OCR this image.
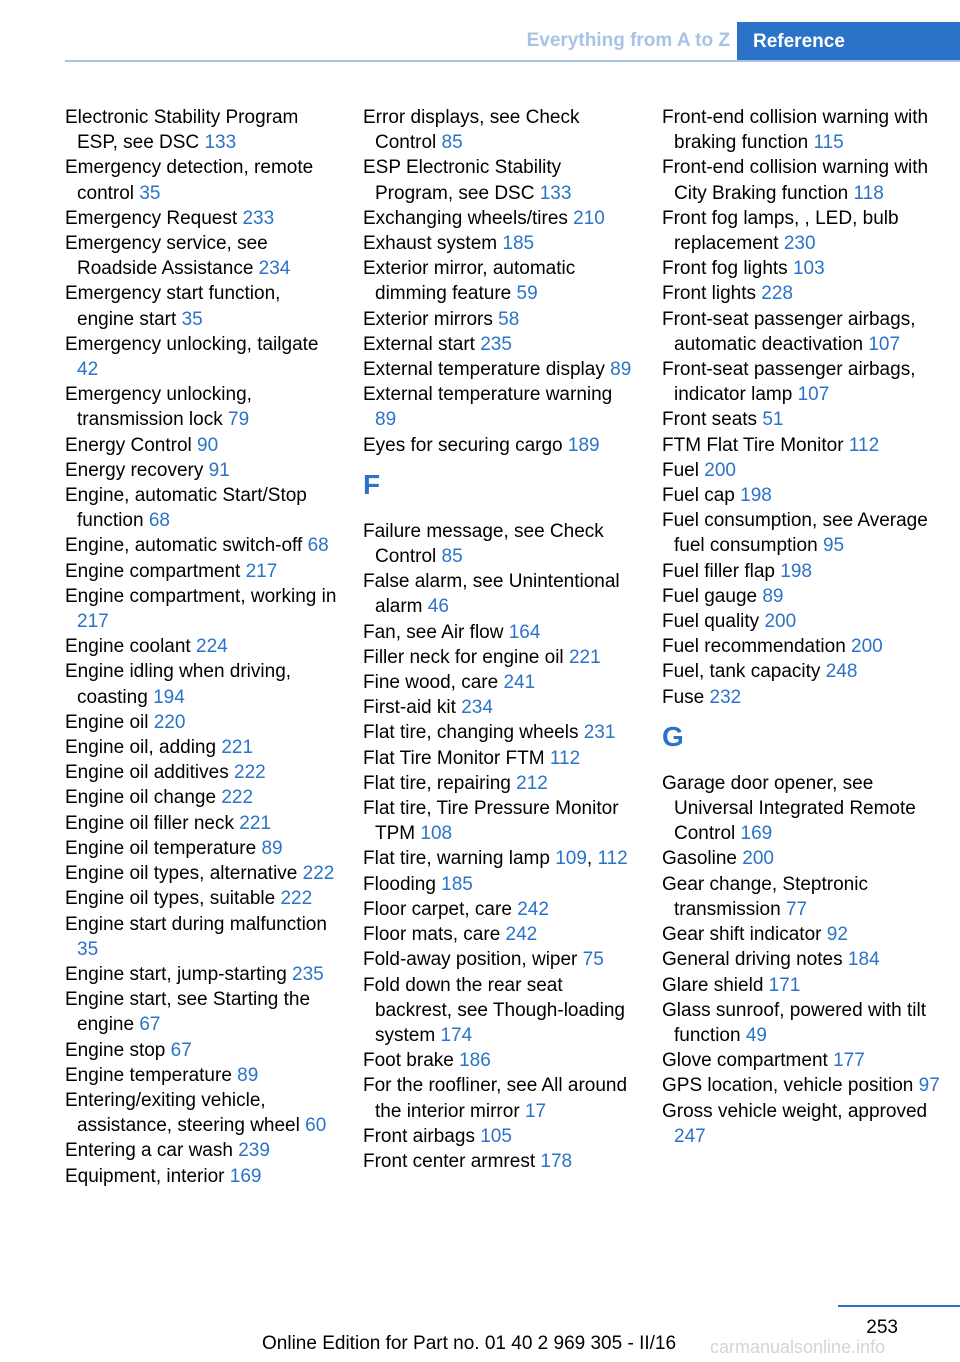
Everything from A to Z	Reference
Electronic Stability Program ESP, see DSC 133
Emergency detection, remote control 35
Emergency Request 233
Emergency service, see Roadside Assistance 234
Emergency start function, engine start 35
Emergency unlocking, tailgate 42
Emergency unlocking, transmission lock 79
Energy Control 90
Energy recovery 91
Engine, automatic Start/Stop function 68
Engine, automatic switch-off 68
Engine compartment 217
Engine compartment, working in 217
Engine coolant 224
Engine idling when driving, coasting 194
Engine oil 220
Engine oil, adding 221
Engine oil additives 222
Engine oil change 222
Engine oil filler neck 221
Engine oil temperature 89
Engine oil types, alternative 222
Engine oil types, suitable 222
Engine start during malfunction 35
Engine start, jump-starting 235
Engine start, see Starting the engine 67
Engine stop 67
Engine temperature 89
Entering/exiting vehicle, assistance, steering wheel 60
Entering a car wash 239
Equipment, interior 169
Error displays, see Check Control 85
ESP Electronic Stability Program, see DSC 133
Exchanging wheels/tires 210
Exhaust system 185
Exterior mirror, automatic dimming feature 59
Exterior mirrors 58
External start 235
External temperature display 89
External temperature warning 89
Eyes for securing cargo 189
F
Failure message, see Check Control 85
False alarm, see Unintentional alarm 46
Fan, see Air flow 164
Filler neck for engine oil 221
Fine wood, care 241
First-aid kit 234
Flat tire, changing wheels 231
Flat Tire Monitor FTM 112
Flat tire, repairing 212
Flat tire, Tire Pressure Monitor TPM 108
Flat tire, warning lamp 109, 112
Flooding 185
Floor carpet, care 242
Floor mats, care 242
Fold-away position, wiper 75
Fold down the rear seat backrest, see Though-loading system 174
Foot brake 186
For the roofliner, see All around the interior mirror 17
Front airbags 105
Front center armrest 178
Front-end collision warning with braking function 115
Front-end collision warning with City Braking function 118
Front fog lamps, , LED, bulb replacement 230
Front fog lights 103
Front lights 228
Front-seat passenger airbags, automatic deactivation 107
Front-seat passenger airbags, indicator lamp 107
Front seats 51
FTM Flat Tire Monitor 112
Fuel 200
Fuel cap 198
Fuel consumption, see Average fuel consumption 95
Fuel filler flap 198
Fuel gauge 89
Fuel quality 200
Fuel recommendation 200
Fuel, tank capacity 248
Fuse 232
G
Garage door opener, see Universal Integrated Remote Control 169
Gasoline 200
Gear change, Steptronic transmission 77
Gear shift indicator 92
General driving notes 184
Glare shield 171
Glass sunroof, powered with tilt function 49
Glove compartment 177
GPS location, vehicle position 97
Gross vehicle weight, approved 247
253
Online Edition for Part no. 01 40 2 969 305 - II/16 carmanualsonline.info
